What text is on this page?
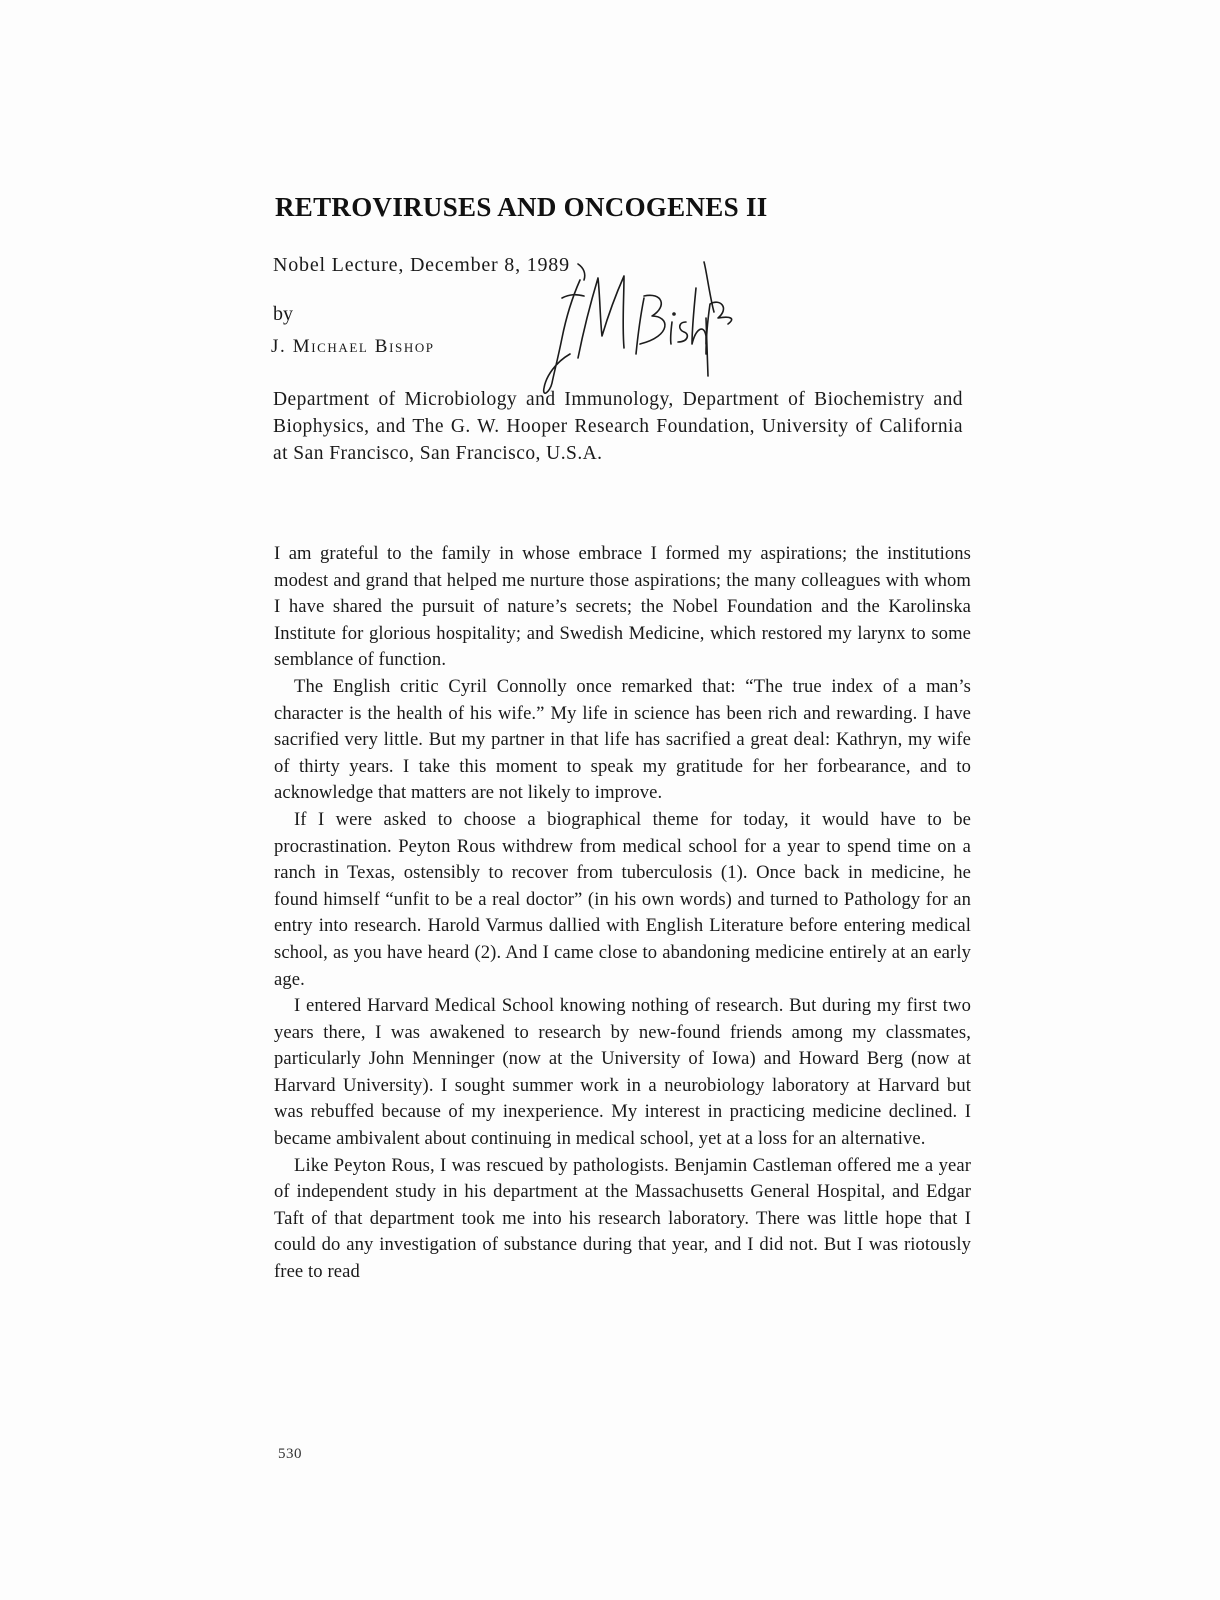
RETROVIRUSES AND ONCOGENES II
Nobel Lecture, December 8, 1989
by
J. Michael Bishop

Department of Microbiology and Immunology, Department of Biochemistry and Biophysics, and The G. W. Hooper Research Foundation, University of California at San Francisco, San Francisco, U.S.A.

I am grateful to the family in whose embrace I formed my aspirations; the institutions modest and grand that helped me nurture those aspirations; the many colleagues with whom I have shared the pursuit of nature’s secrets; the Nobel Foundation and the Karolinska Institute for glorious hospitality; and Swedish Medicine, which restored my larynx to some semblance of function.

The English critic Cyril Connolly once remarked that: “The true index of a man’s character is the health of his wife.” My life in science has been rich and rewarding. I have sacrified very little. But my partner in that life has sacrified a great deal: Kathryn, my wife of thirty years. I take this moment to speak my gratitude for her forbearance, and to acknowledge that matters are not likely to improve.

If I were asked to choose a biographical theme for today, it would have to be procrastination. Peyton Rous withdrew from medical school for a year to spend time on a ranch in Texas, ostensibly to recover from tuberculosis (1). Once back in medicine, he found himself “unfit to be a real doctor” (in his own words) and turned to Pathology for an entry into research. Harold Varmus dallied with English Literature before entering medical school, as you have heard (2). And I came close to abandoning medicine entirely at an early age.

I entered Harvard Medical School knowing nothing of research. But during my first two years there, I was awakened to research by new-found friends among my classmates, particularly John Menninger (now at the University of Iowa) and Howard Berg (now at Harvard University). I sought summer work in a neurobiology laboratory at Harvard but was rebuffed because of my inexperience. My interest in practicing medicine declined. I became ambivalent about continuing in medical school, yet at a loss for an alternative.

Like Peyton Rous, I was rescued by pathologists. Benjamin Castleman offered me a year of independent study in his department at the Massachusetts General Hospital, and Edgar Taft of that department took me into his research laboratory. There was little hope that I could do any investigation of substance during that year, and I did not. But I was riotously free to read

530
